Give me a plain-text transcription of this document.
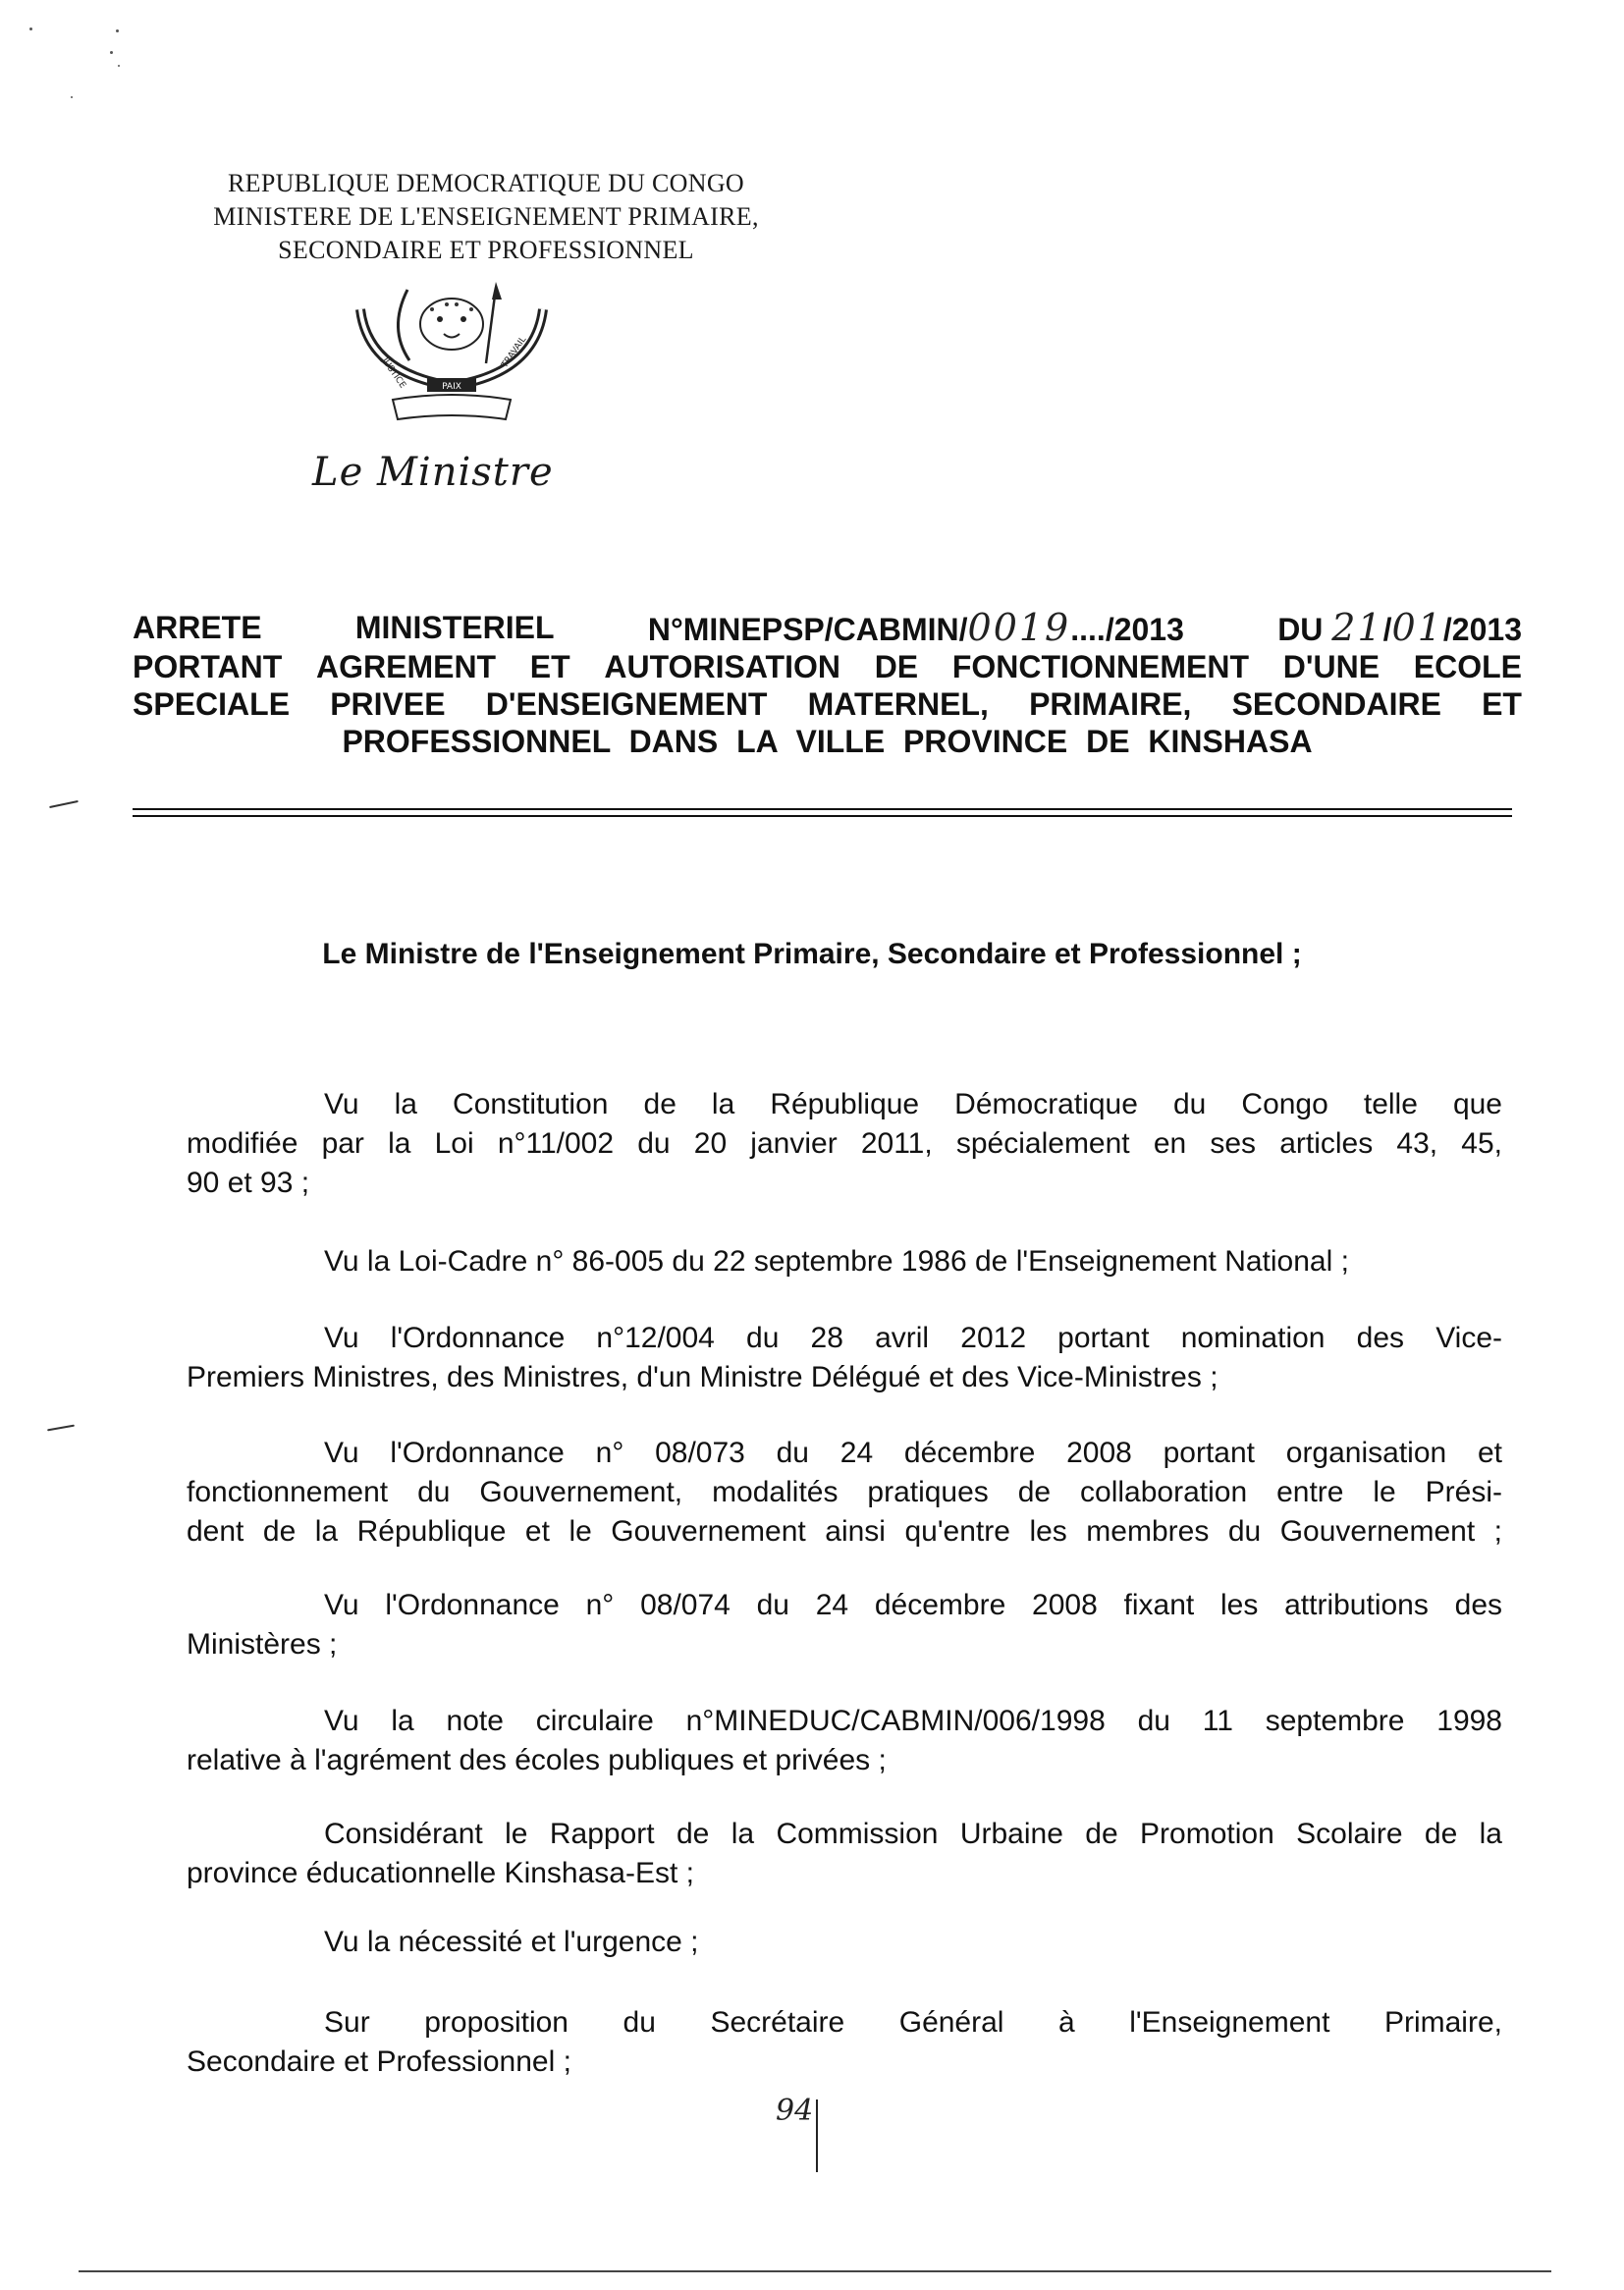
REPUBLIQUE DEMOCRATIQUE DU CONGO
MINISTERE DE L'ENSEIGNEMENT PRIMAIRE,
SECONDAIRE ET PROFESSIONNEL
JUSTICE	PAIX
TRAVAIL
Le Ministre
ARRETE	MINISTERIEL	N°MINEPSP/CABMIN/0019..../2013	DU 21/01/2013
PORTANT AGREMENT ET AUTORISATION DE FONCTIONNEMENT D'UNE ECOLE
SPECIALE PRIVEE D'ENSEIGNEMENT MATERNEL, PRIMAIRE, SECONDAIRE ET
PROFESSIONNEL DANS LA VILLE PROVINCE DE KINSHASA
Le Ministre de l'Enseignement Primaire, Secondaire et Professionnel ;
Vu la Constitution de la République Démocratique du Congo telle que
modifiée par la Loi n°11/002 du 20 janvier 2011, spécialement en ses articles 43, 45,
90 et 93 ;
Vu la Loi-Cadre n° 86-005 du 22 septembre 1986 de l'Enseignement National ;
Vu l'Ordonnance n°12/004 du 28 avril 2012 portant nomination des Vice-
Premiers Ministres, des Ministres, d'un Ministre Délégué et des Vice-Ministres ;
Vu l'Ordonnance n° 08/073 du 24 décembre 2008 portant organisation et
fonctionnement du Gouvernement, modalités pratiques de collaboration entre le Prési-
dent de la République et le Gouvernement ainsi qu'entre les membres du Gouvernement ;
Vu l'Ordonnance n° 08/074 du 24 décembre 2008 fixant les attributions des
Ministères ;
Vu la note circulaire n°MINEDUC/CABMIN/006/1998 du 11 septembre 1998
relative à l'agrément des écoles publiques et privées ;
Considérant le Rapport de la Commission Urbaine de Promotion Scolaire de la
province éducationnelle Kinshasa-Est ;
Vu la nécessité et l'urgence ;
Sur proposition du Secrétaire Général à l'Enseignement Primaire,
Secondaire et Professionnel ;
94
